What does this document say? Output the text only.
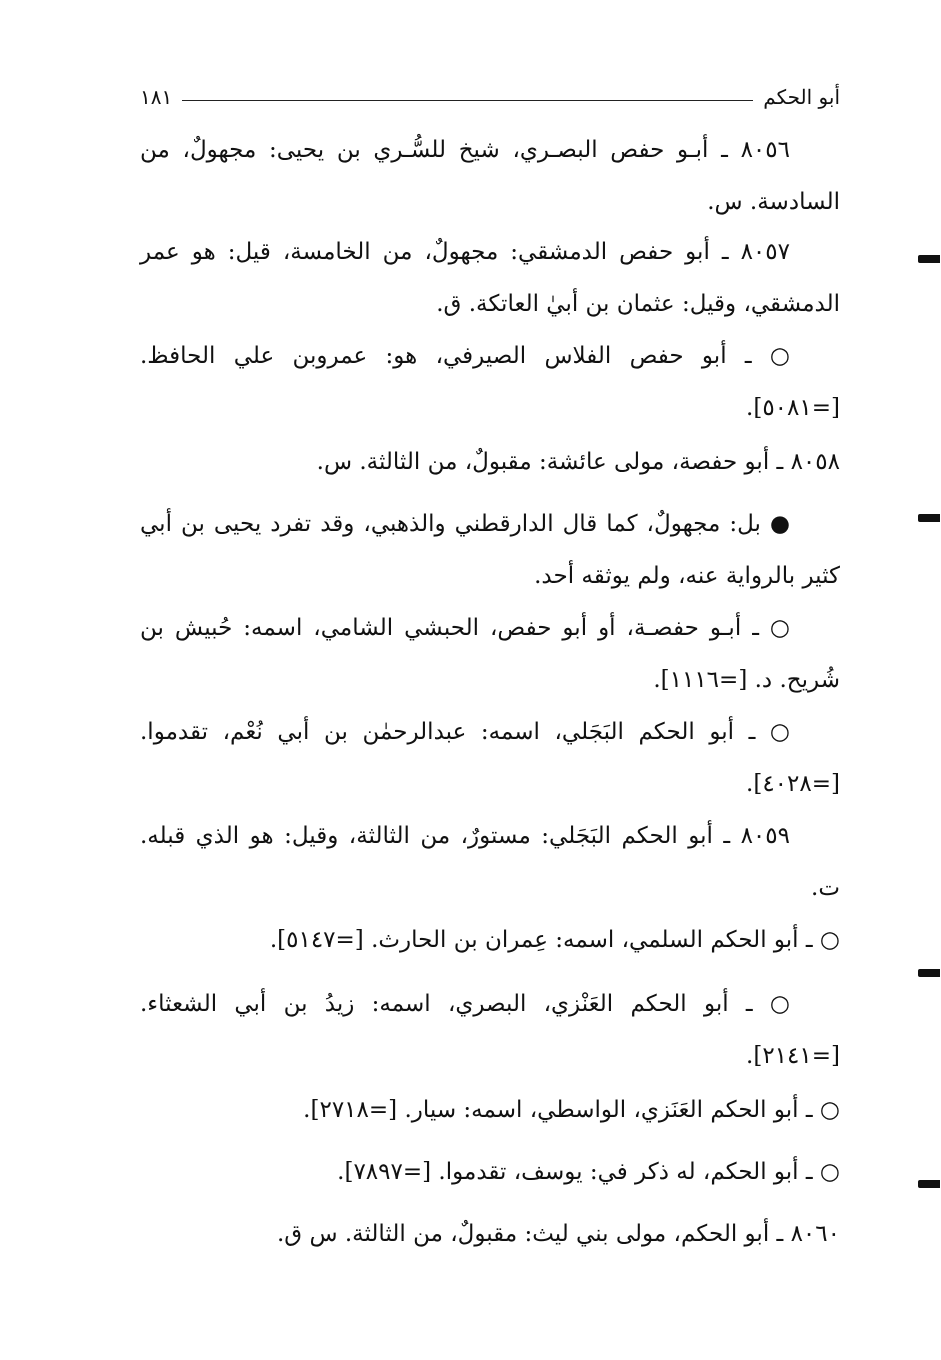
أبو الحكم
١٨١

٨٠٥٦ ـ أبـو حفص البصـري، شيخ للسُّـري بن يحيى: مجهولٌ، من السادسة. س.

٨٠٥٧ ـ أبو حفص الدمشقي: مجهولٌ، من الخامسة، قيل: هو عمر الدمشقي، وقيل: عثمان بن أبيٰ العاتكة. ق.

○ ـ أبو حفص الفلاس الصيرفي، هو: عمروبن علي الحافظ. [=٥٠٨١].

٨٠٥٨ ـ أبو حفصة، مولى عائشة: مقبولٌ، من الثالثة. س.

● بل: مجهولٌ، كما قال الدارقطني والذهبي، وقد تفرد يحيى بن أبي كثير بالرواية عنه، ولم يوثقه أحد.

○ ـ أبـو حفصـة، أو أبو حفص، الحبشي الشامي، اسمه: حُبيش بن شُريح. د. [=١١١٦].

○ ـ أبو الحكم البَجَلي، اسمه: عبدالرحمٰن بن أبي نُعْم، تقدموا. [=٤٠٢٨].

٨٠٥٩ ـ أبو الحكم البَجَلي: مستورٌ، من الثالثة، وقيل: هو الذي قبله. ت.

○ ـ أبو الحكم السلمي، اسمه: عِمران بن الحارث. [=٥١٤٧].

○ ـ أبو الحكم العَنْزي، البصري، اسمه: زيدُ بن أبي الشعثاء. [=٢١٤١].

○ ـ أبو الحكم العَنَزي، الواسطي، اسمه: سيار. [=٢٧١٨].

○ ـ أبو الحكم، له ذكر في: يوسف، تقدموا. [=٧٨٩٧].

٨٠٦٠ ـ أبو الحكم، مولى بني ليث: مقبولٌ، من الثالثة. س ق.
